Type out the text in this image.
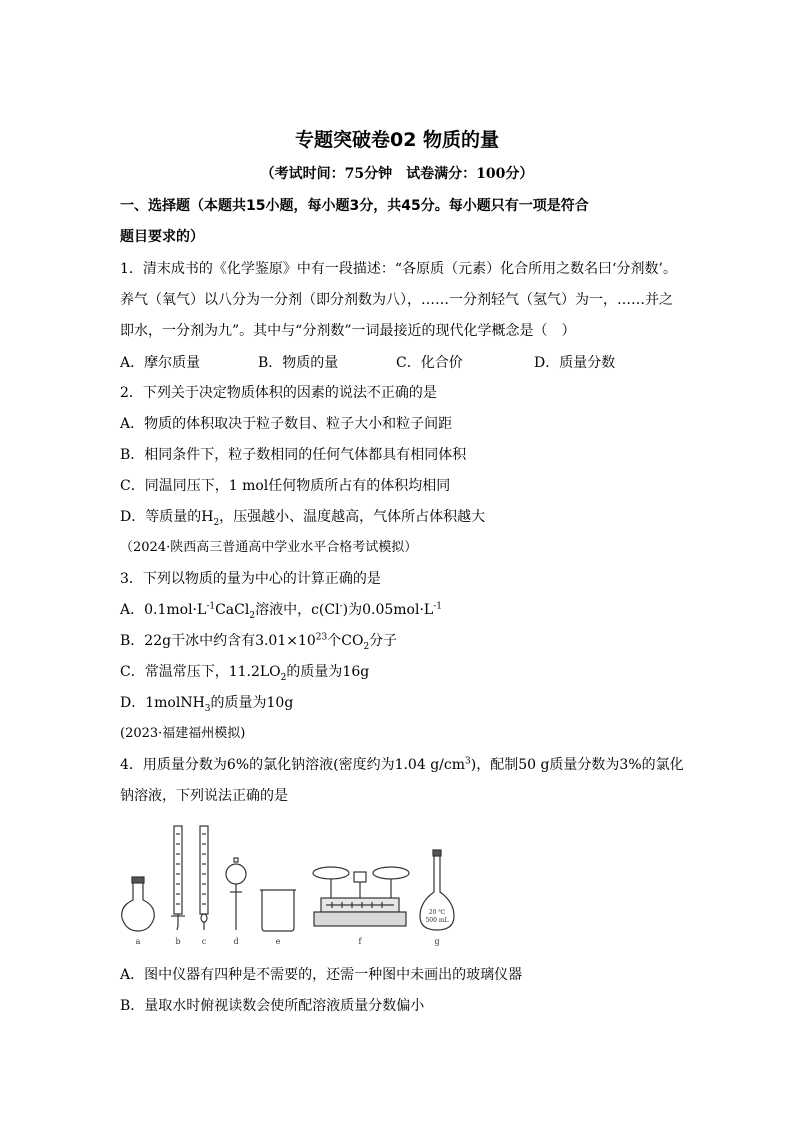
专题突破卷02 物质的量
（考试时间：75分钟　试卷满分：100分）
一、选择题（本题共15小题，每小题3分，共45分。每小题只有一项是符合
题目要求的）
1．清末成书的《化学鉴原》中有一段描述：“各原质（元素）化合所用之数名曰‘分剂数’。
养气（氧气）以八分为一分剂（即分剂数为八），……一分剂轻气（氢气）为一，……并之
即水，一分剂为九”。其中与“分剂数”一词最接近的现代化学概念是（　）
A．摩尔质量	B．物质的量	C．化合价	D．质量分数
2．下列关于决定物质体积的因素的说法不正确的是
A．物质的体积取决于粒子数目、粒子大小和粒子间距
B．相同条件下，粒子数相同的任何气体都具有相同体积
C．同温同压下，1 mol任何物质所占有的体积均相同
D．等质量的$H_2$，压强越小、温度越高，气体所占体积越大
（2024·陕西高三普通高中学业水平合格考试模拟）
3．下列以物质的量为中心的计算正确的是
A．$0.1mol\cdot L^{-1}CaCl_2$溶液中，c(Cl-)为$0.05mol\cdot L^{-1}$
B．22g干冰中约含有$3.01\times 10^{23}$个$CO_2$分子
C．常温常压下，$11.2LO_2$的质量为16g
D．1molNH$_3$的质量为10g
(2023·福建福州模拟)
4．用质量分数为6%的氯化钠溶液(密度约为1.04 $g/cm^3$)，配制50 g质量分数为3%的氯化
钠溶液，下列说法正确的是
20 ℃
500 mL
a	b	c	d	e	f	g
A．图中仪器有四种是不需要的，还需一种图中未画出的玻璃仪器
B．量取水时俯视读数会使所配溶液质量分数偏小
